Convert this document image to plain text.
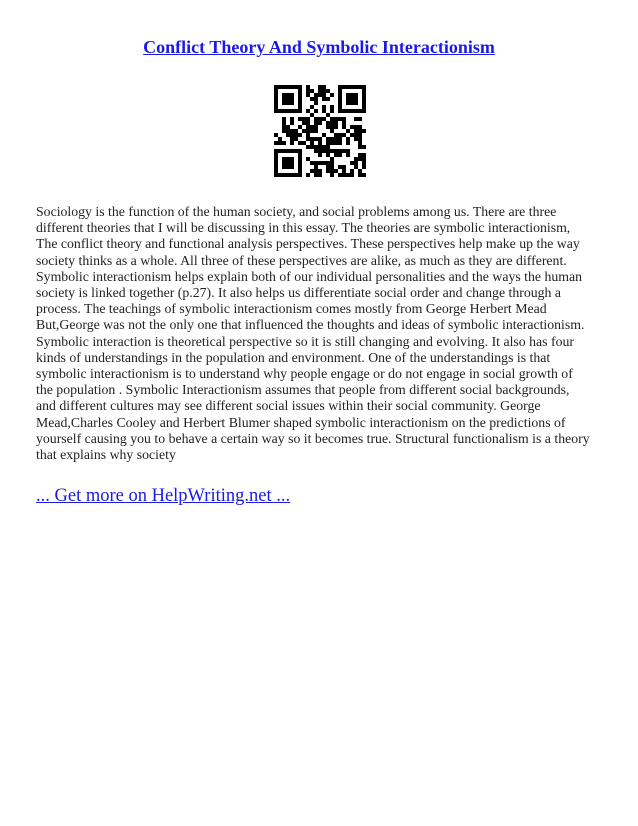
Conflict Theory And Symbolic Interactionism
Sociology is the function of the human society, and social problems among us. There are three
different theories that I will be discussing in this essay. The theories are symbolic interactionism,
The conflict theory and functional analysis perspectives. These perspectives help make up the way
society thinks as a whole. All three of these perspectives are alike, as much as they are different.
Symbolic interactionism helps explain both of our individual personalities and the ways the human
society is linked together (p.27). It also helps us differentiate social order and change through a
process. The teachings of symbolic interactionism comes mostly from George Herbert Mead
But,George was not the only one that influenced the thoughts and ideas of symbolic interactionism.
Symbolic interaction is theoretical perspective so it is still changing and evolving. It also has four
kinds of understandings in the population and environment. One of the understandings is that
symbolic interactionism is to understand why people engage or do not engage in social growth of
the population . Symbolic Interactionism assumes that people from different social backgrounds,
and different cultures may see different social issues within their social community. George
Mead,Charles Cooley and Herbert Blumer shaped symbolic interactionism on the predictions of
yourself causing you to behave a certain way so it becomes true. Structural functionalism is a theory
that explains why society
... Get more on HelpWriting.net ...
